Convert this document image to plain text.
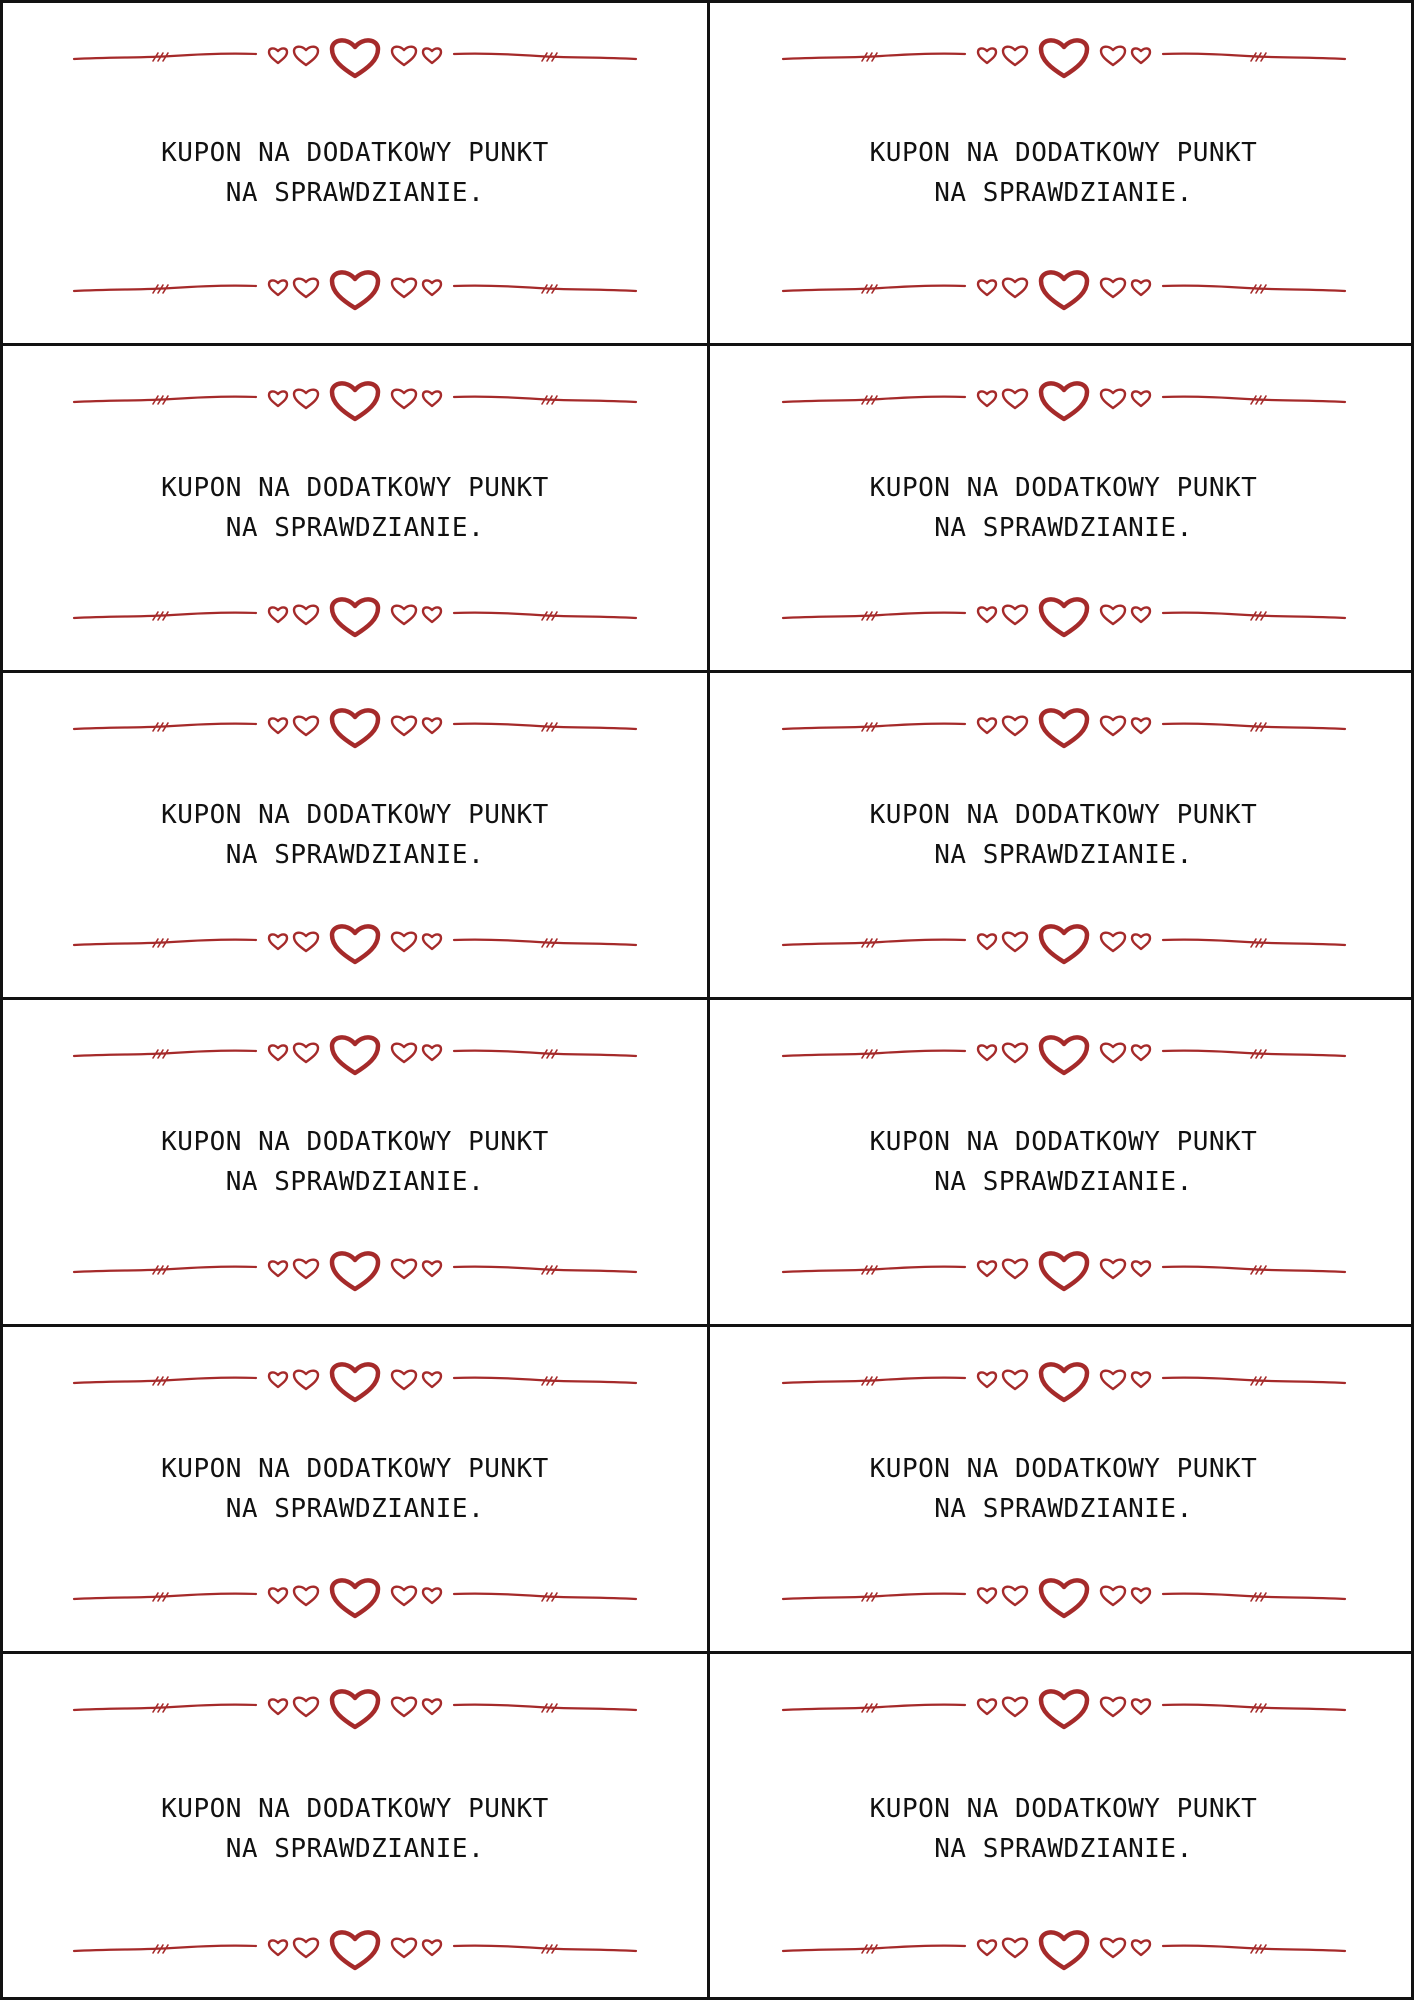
KUPON NA DODATKOWY PUNKT
NA SPRAWDZIANIE.
KUPON NA DODATKOWY PUNKT
NA SPRAWDZIANIE.
KUPON NA DODATKOWY PUNKT
NA SPRAWDZIANIE.
KUPON NA DODATKOWY PUNKT
NA SPRAWDZIANIE.
KUPON NA DODATKOWY PUNKT
NA SPRAWDZIANIE.
KUPON NA DODATKOWY PUNKT
NA SPRAWDZIANIE.
KUPON NA DODATKOWY PUNKT
NA SPRAWDZIANIE.
KUPON NA DODATKOWY PUNKT
NA SPRAWDZIANIE.
KUPON NA DODATKOWY PUNKT
NA SPRAWDZIANIE.
KUPON NA DODATKOWY PUNKT
NA SPRAWDZIANIE.
KUPON NA DODATKOWY PUNKT
NA SPRAWDZIANIE.
KUPON NA DODATKOWY PUNKT
NA SPRAWDZIANIE.
